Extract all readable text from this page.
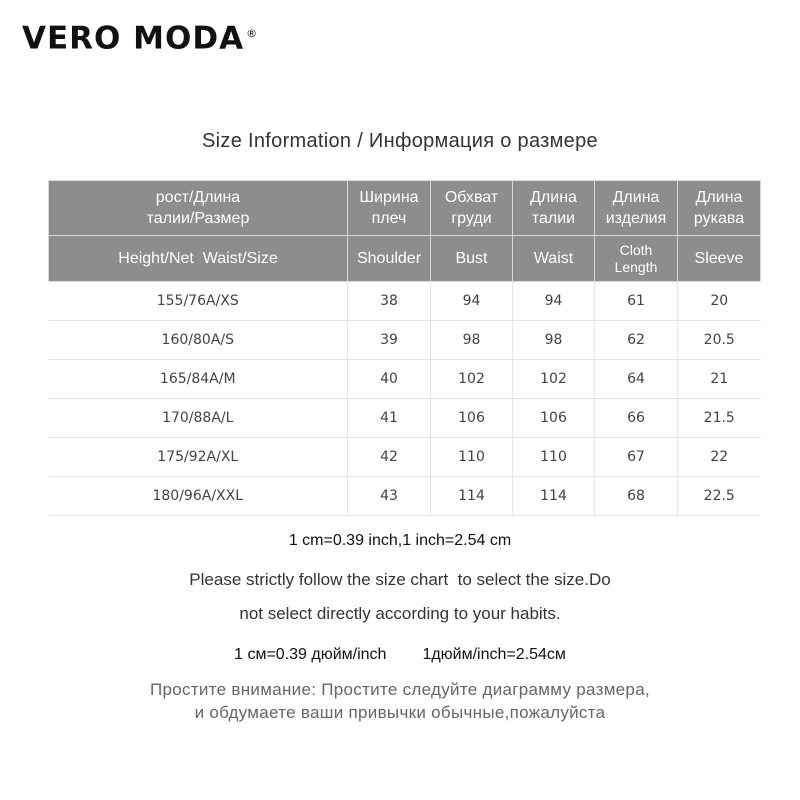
VERO MODA ®
Size Information / Информация о размере
рост/Длина талии/Размер	Ширина плеч	Обхват груди	Длина талии	Длина изделия	Длина рукава
Height/Net  Waist/Size	Shoulder	Bust	Waist	Cloth Length	Sleeve
155/76A/XS	38	94	94	61	20
160/80A/S	39	98	98	62	20.5
165/84A/M	40	102	102	64	21
170/88A/L	41	106	106	66	21.5
175/92A/XL	42	110	110	67	22
180/96A/XXL	43	114	114	68	22.5
1 cm=0.39 inch,1 inch=2.54 cm
Please strictly follow the size chart  to select the size.Do
not select directly according to your habits.
1 см=0.39 дюйм/inch 1дюйм/inch=2.54см
Простите внимание: Простите следуйте диаграмму размера,
и обдумаете ваши привычки обычные,пожалуйста
